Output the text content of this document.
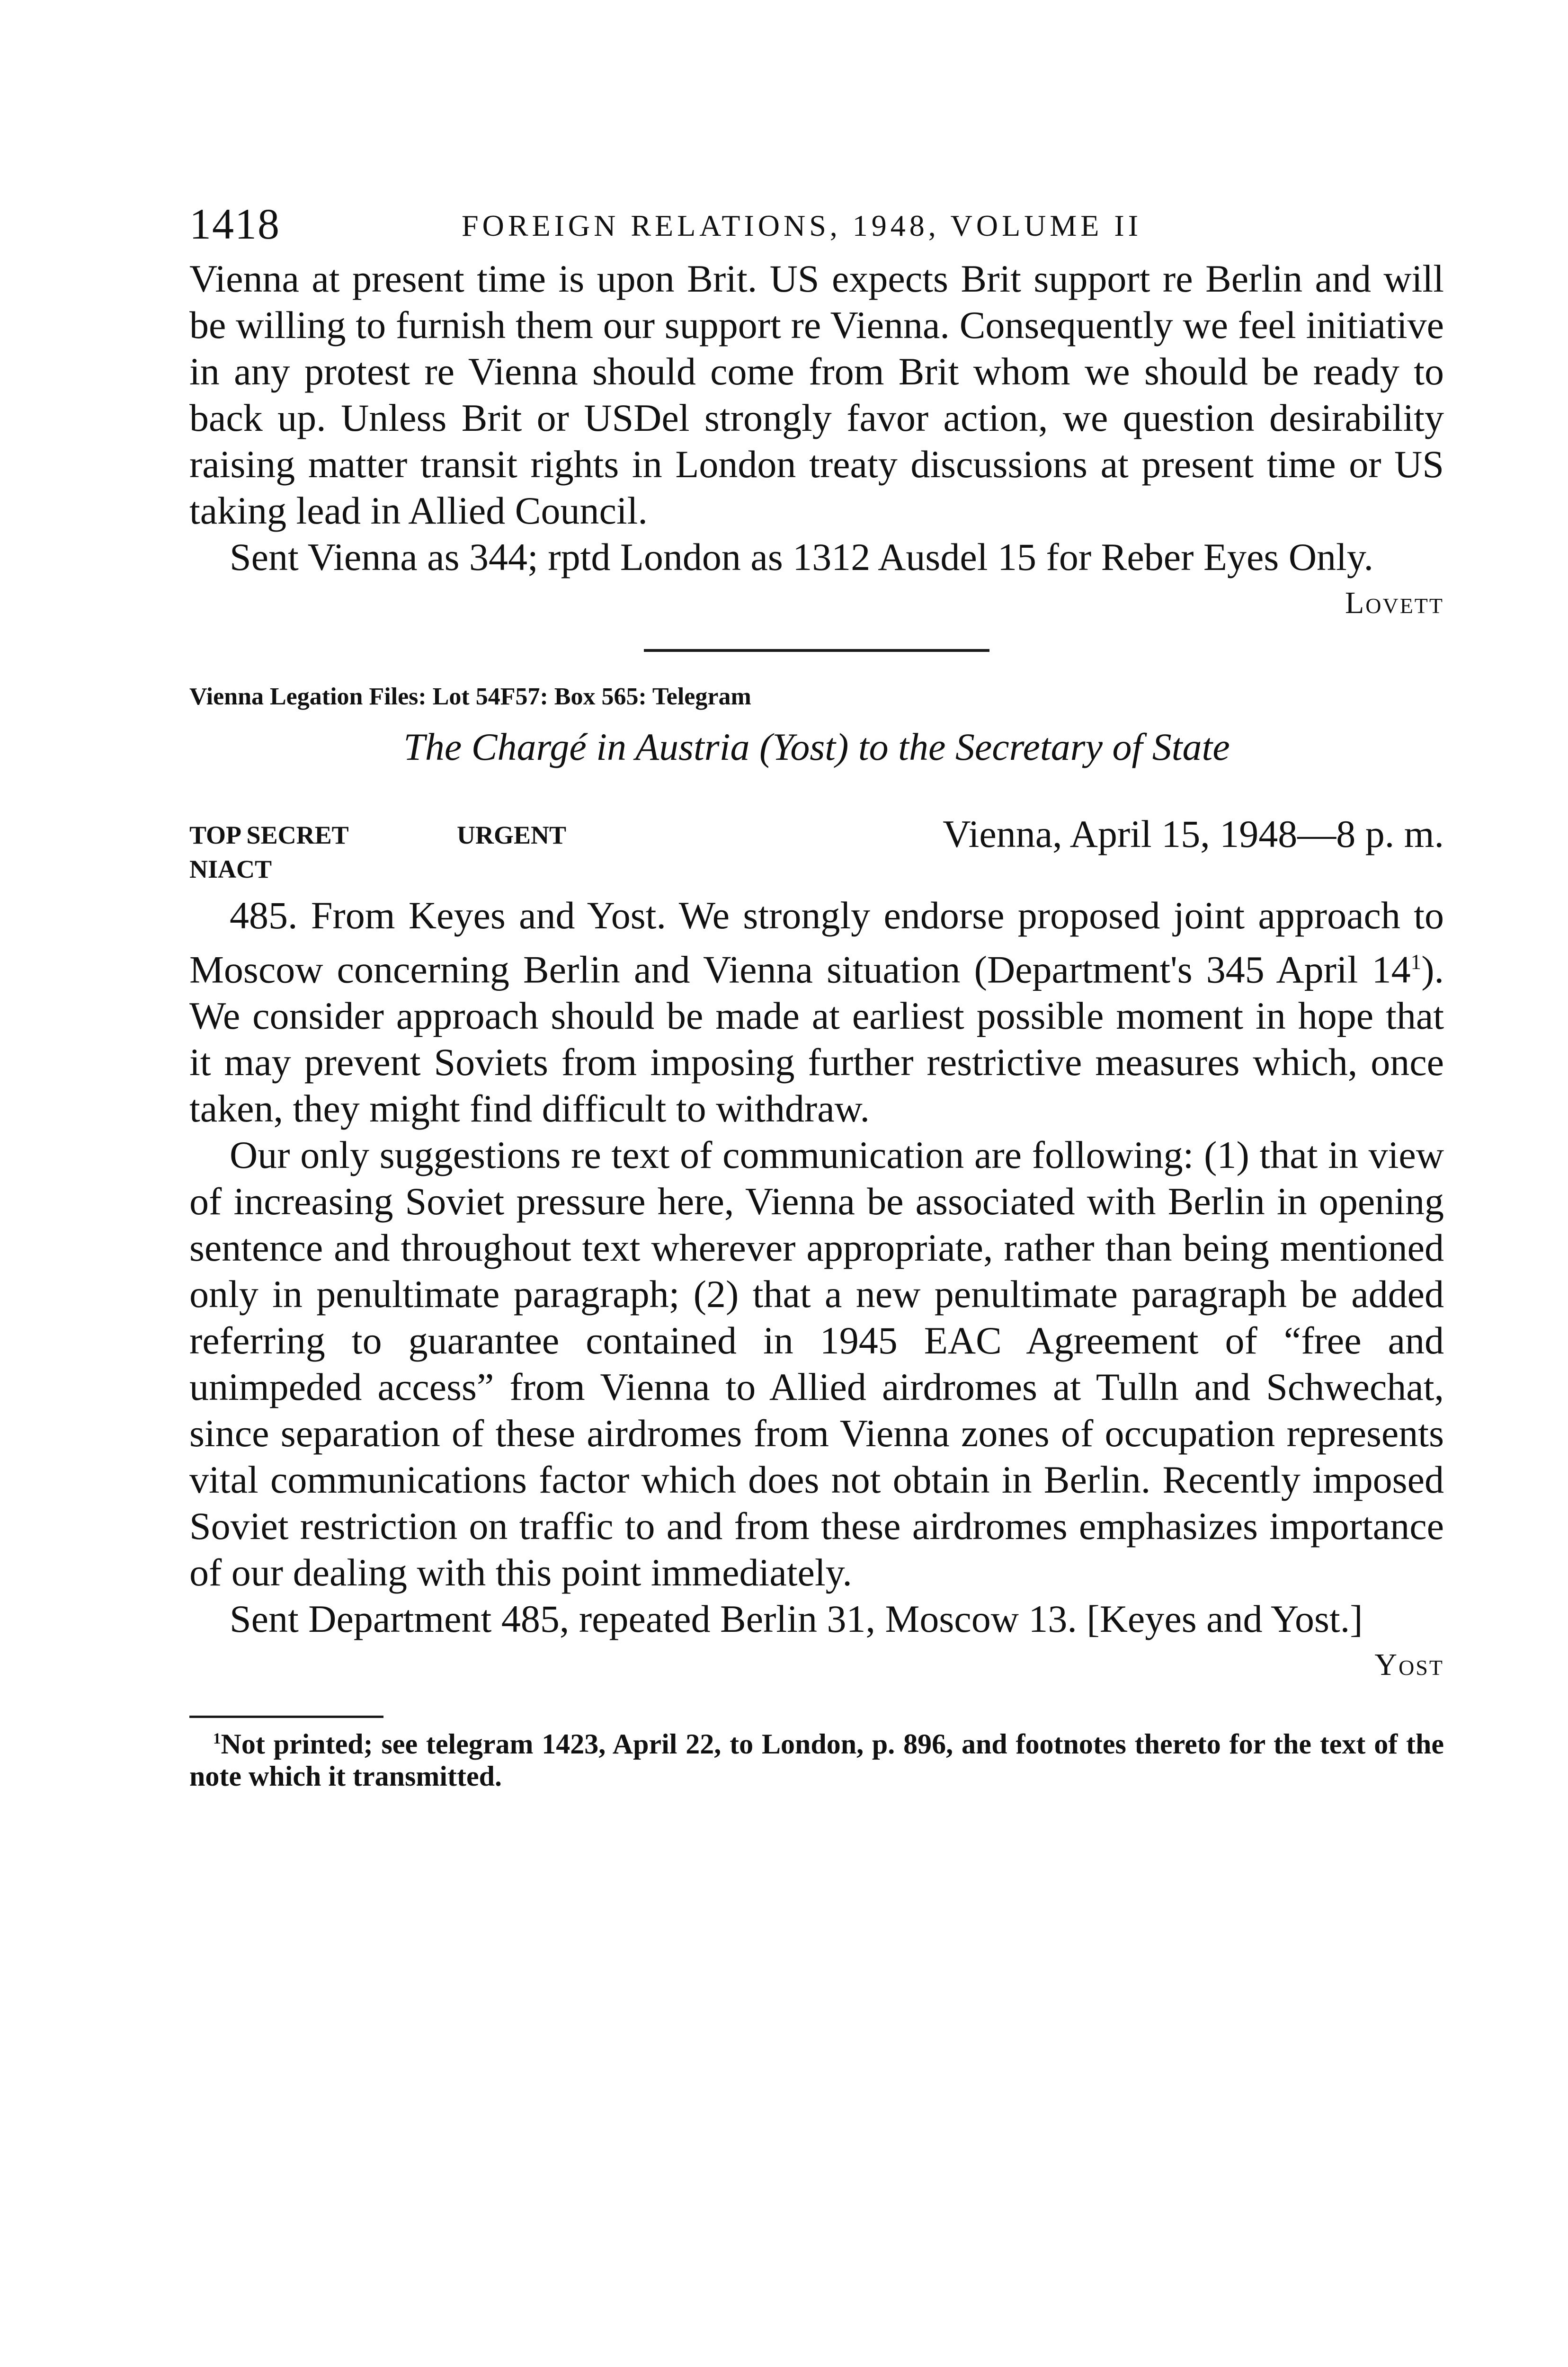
1418	FOREIGN RELATIONS, 1948, VOLUME II

Vienna at present time is upon Brit. US expects Brit support re Berlin and will be willing to furnish them our support re Vienna. Consequently we feel initiative in any protest re Vienna should come from Brit whom we should be ready to back up. Unless Brit or USDel strongly favor action, we question desirability raising matter transit rights in London treaty discussions at present time or US taking lead in Allied Council.

Sent Vienna as 344; rptd London as 1312 Ausdel 15 for Reber Eyes Only.

Lovett

Vienna Legation Files: Lot 54F57: Box 565: Telegram

The Chargé in Austria (Yost) to the Secretary of State

TOP SECRET	URGENT	Vienna, April 15, 1948—8 p. m.

NIACT

485. From Keyes and Yost. We strongly endorse proposed joint approach to Moscow concerning Berlin and Vienna situation (Department's 345 April $14^1$). We consider approach should be made at earliest possible moment in hope that it may prevent Soviets from imposing further restrictive measures which, once taken, they might find difficult to withdraw.

Our only suggestions re text of communication are following: (1) that in view of increasing Soviet pressure here, Vienna be associated with Berlin in opening sentence and throughout text wherever appropriate, rather than being mentioned only in penultimate paragraph; (2) that a new penultimate paragraph be added referring to guarantee contained in 1945 EAC Agreement of “free and unimpeded access” from Vienna to Allied airdromes at Tulln and Schwechat, since separation of these airdromes from Vienna zones of occupation represents vital communications factor which does not obtain in Berlin. Recently imposed Soviet restriction on traffic to and from these airdromes emphasizes importance of our dealing with this point immediately.

Sent Department 485, repeated Berlin 31, Moscow 13. [Keyes and Yost.]

Yost

$^1$Not printed; see telegram 1423, April 22, to London, p. 896, and footnotes thereto for the text of the note which it transmitted.
